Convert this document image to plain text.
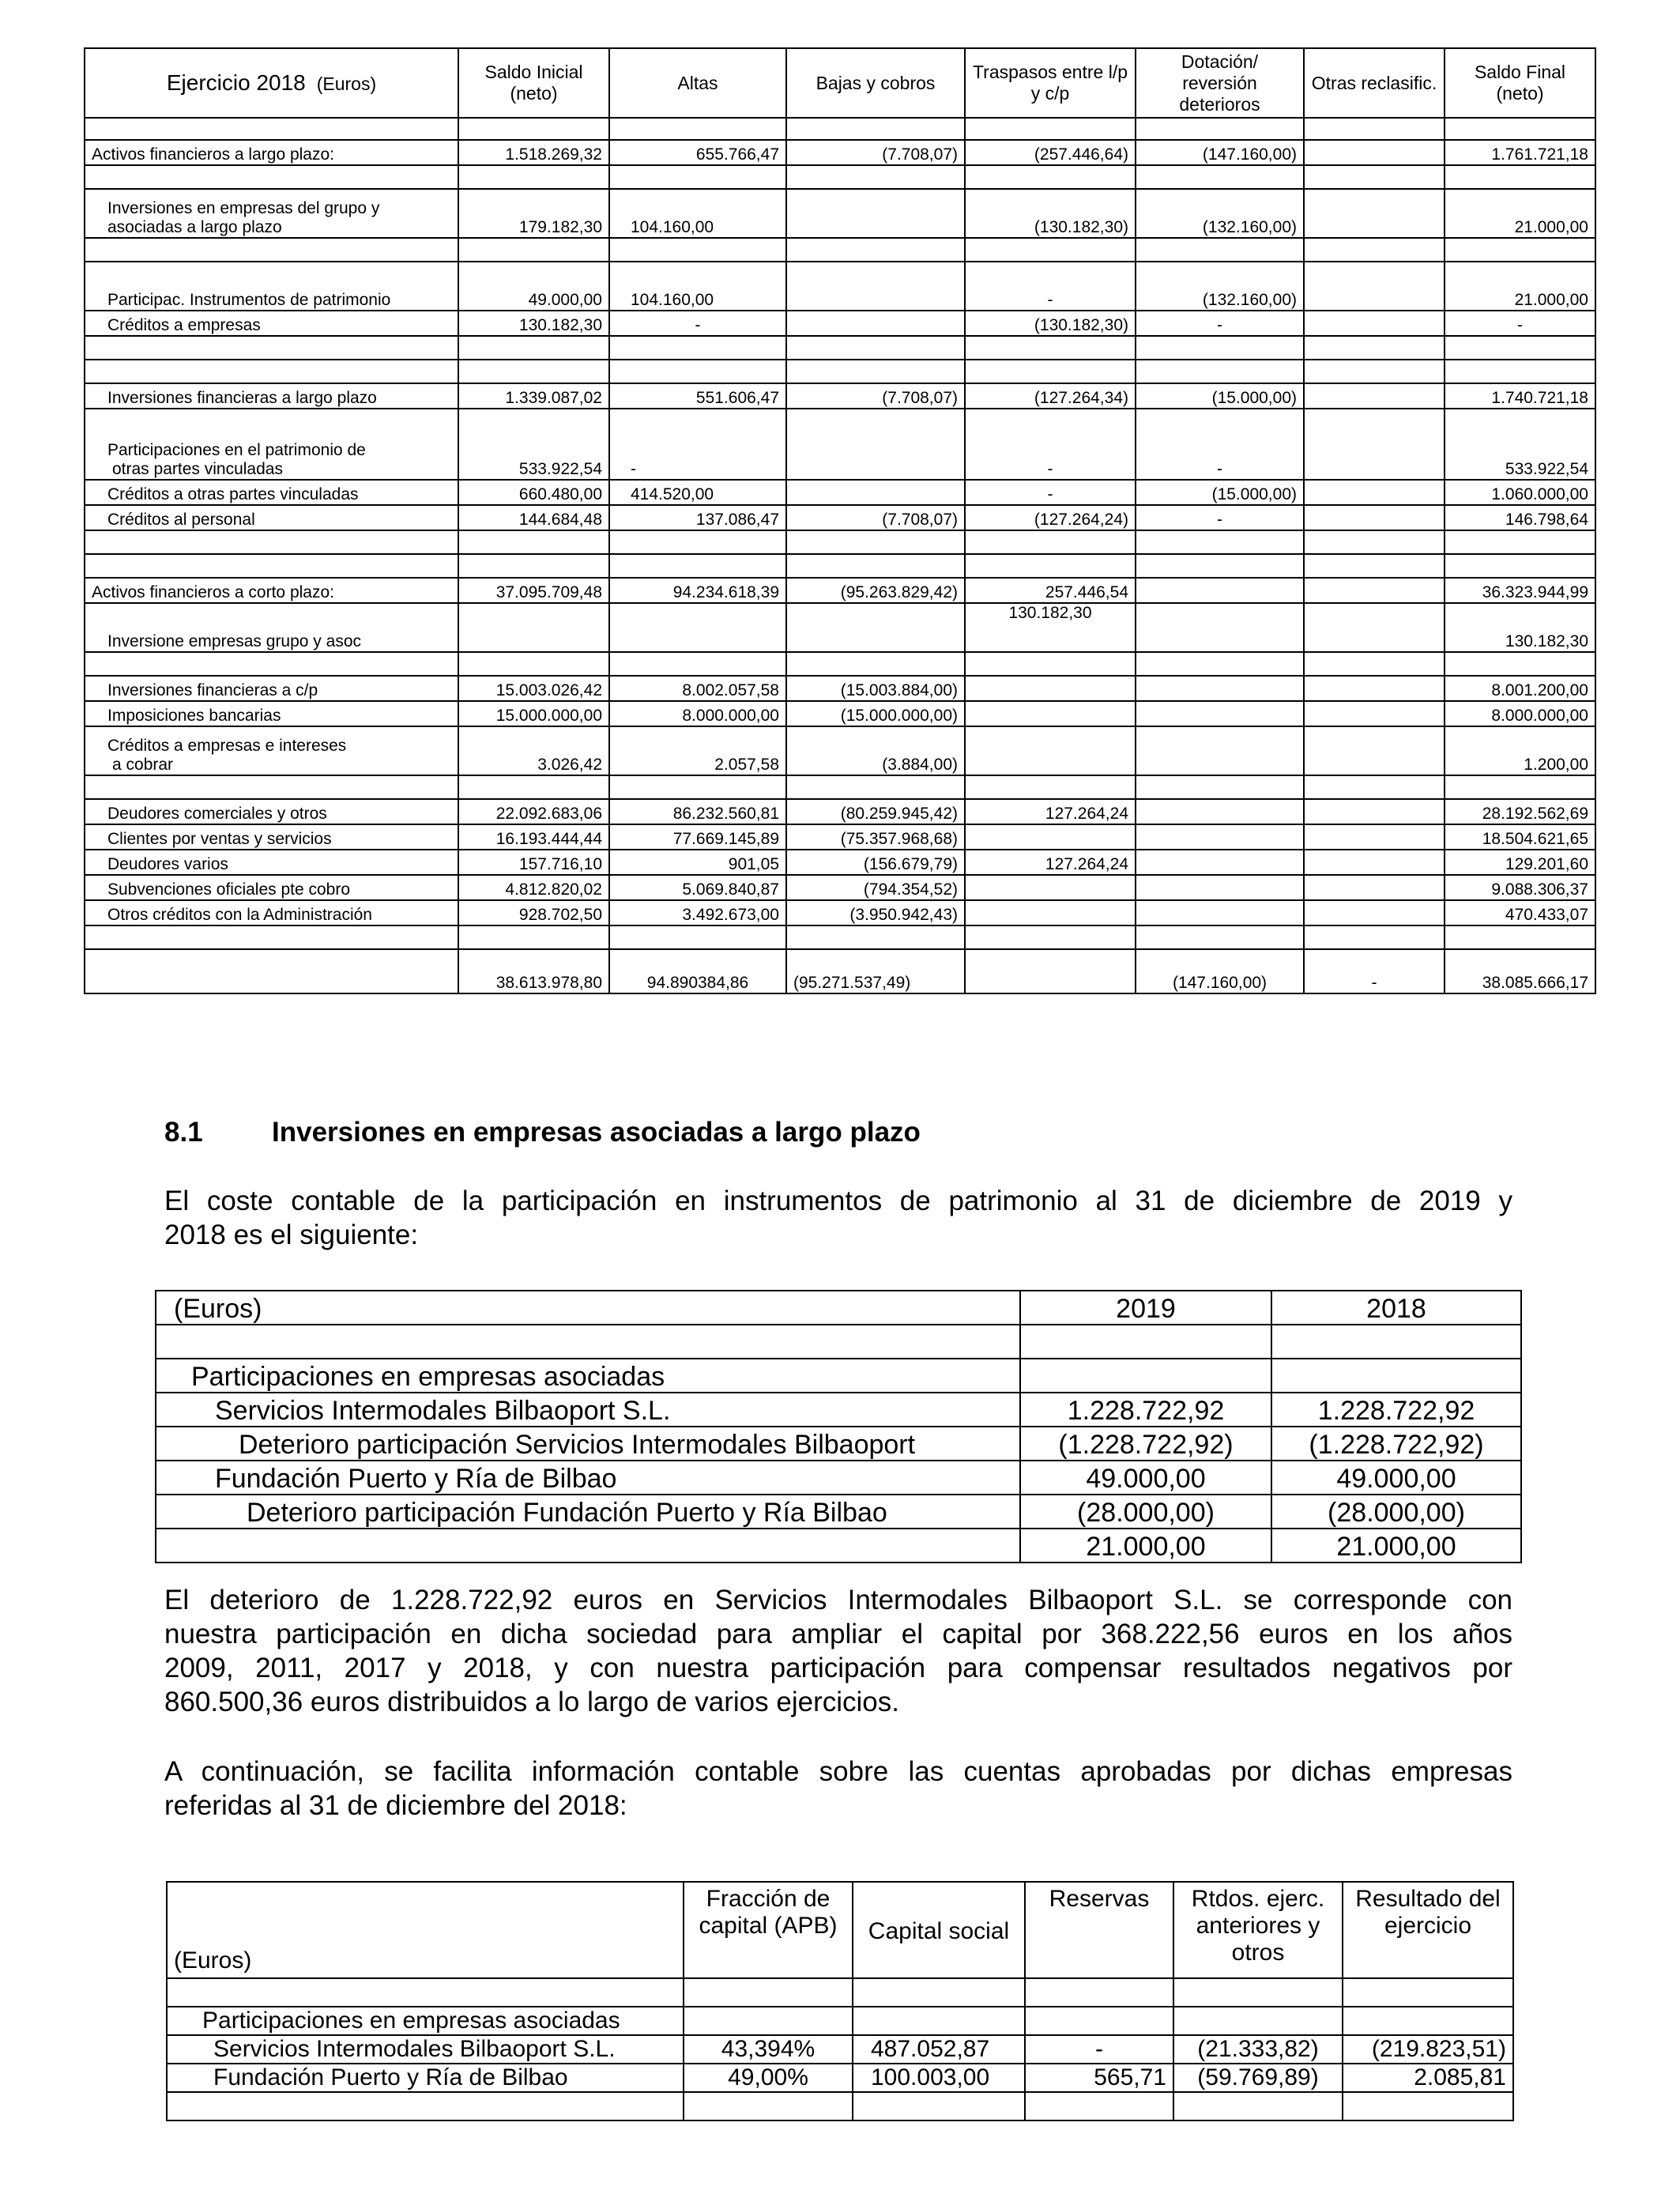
Ejercicio 2018 (Euros)	Saldo Inicial (neto)	Altas	Bajas y cobros	Traspasos entre l/p y c/p	Dotación/ reversión deterioros	Otras reclasific.	Saldo Final (neto)

Activos financieros a largo plazo:	1.518.269,32	655.766,47	(7.708,07)	(257.446,64)	(147.160,00)		1.761.721,18

Inversiones en empresas del grupo y
asociadas a largo plazo	179.182,30	104.160,00		(130.182,30)	(132.160,00)		21.000,00

Participac. Instrumentos de patrimonio	49.000,00	104.160,00		-	(132.160,00)		21.000,00
Créditos a empresas	130.182,30	-		(130.182,30)	-		-

Inversiones financieras a largo plazo	1.339.087,02	551.606,47	(7.708,07)	(127.264,34)	(15.000,00)		1.740.721,18
Participaciones en el patrimonio de
otras partes vinculadas	533.922,54	-		-	-		533.922,54
Créditos a otras partes vinculadas	660.480,00	414.520,00		-	(15.000,00)		1.060.000,00
Créditos al personal	144.684,48	137.086,47	(7.708,07)	(127.264,24)	-		146.798,64

Activos financieros a corto plazo:	37.095.709,48	94.234.618,39	(95.263.829,42)	257.446,54			36.323.944,99
Inversione empresas grupo y asoc				130.182,30			130.182,30

Inversiones financieras a c/p	15.003.026,42	8.002.057,58	(15.003.884,00)				8.001.200,00
Imposiciones bancarias	15.000.000,00	8.000.000,00	(15.000.000,00)				8.000.000,00
Créditos a empresas e intereses
a cobrar	3.026,42	2.057,58	(3.884,00)				1.200,00

Deudores comerciales y otros	22.092.683,06	86.232.560,81	(80.259.945,42)	127.264,24			28.192.562,69
Clientes por ventas y servicios	16.193.444,44	77.669.145,89	(75.357.968,68)				18.504.621,65
Deudores varios	157.716,10	901,05	(156.679,79)	127.264,24			129.201,60
Subvenciones oficiales pte cobro	4.812.820,02	5.069.840,87	(794.354,52)				9.088.306,37
Otros créditos con la Administración	928.702,50	3.492.673,00	(3.950.942,43)				470.433,07

	38.613.978,80	94.890384,86	(95.271.537,49)		(147.160,00)	-	38.085.666,17
8.1 Inversiones en empresas asociadas a largo plazo
El coste contable de la participación en instrumentos de patrimonio al 31 de diciembre de 2019 y
2018 es el siguiente:
(Euros)	2019	2018

Participaciones en empresas asociadas		
Servicios Intermodales Bilbaoport S.L.	1.228.722,92	1.228.722,92
Deterioro participación Servicios Intermodales Bilbaoport	(1.228.722,92)	(1.228.722,92)
Fundación Puerto y Ría de Bilbao	49.000,00	49.000,00
Deterioro participación Fundación Puerto y Ría Bilbao	(28.000,00)	(28.000,00)
	21.000,00	21.000,00
El deterioro de 1.228.722,92 euros en Servicios Intermodales Bilbaoport S.L. se corresponde con
nuestra participación en dicha sociedad para ampliar el capital por 368.222,56 euros en los años
2009, 2011, 2017 y 2018, y con nuestra participación para compensar resultados negativos por
860.500,36 euros distribuidos a lo largo de varios ejercicios.
A continuación, se facilita información contable sobre las cuentas aprobadas por dichas empresas
referidas al 31 de diciembre del 2018:
(Euros)	Fracción de capital (APB)	Capital social	Reservas	Rtdos. ejerc. anteriores y otros	Resultado del ejercicio

Participaciones en empresas asociadas					
Servicios Intermodales Bilbaoport S.L.	43,394%	487.052,87	-	(21.333,82)	(219.823,51)
Fundación Puerto y Ría de Bilbao	49,00%	100.003,00	565,71	(59.769,89)	2.085,81
